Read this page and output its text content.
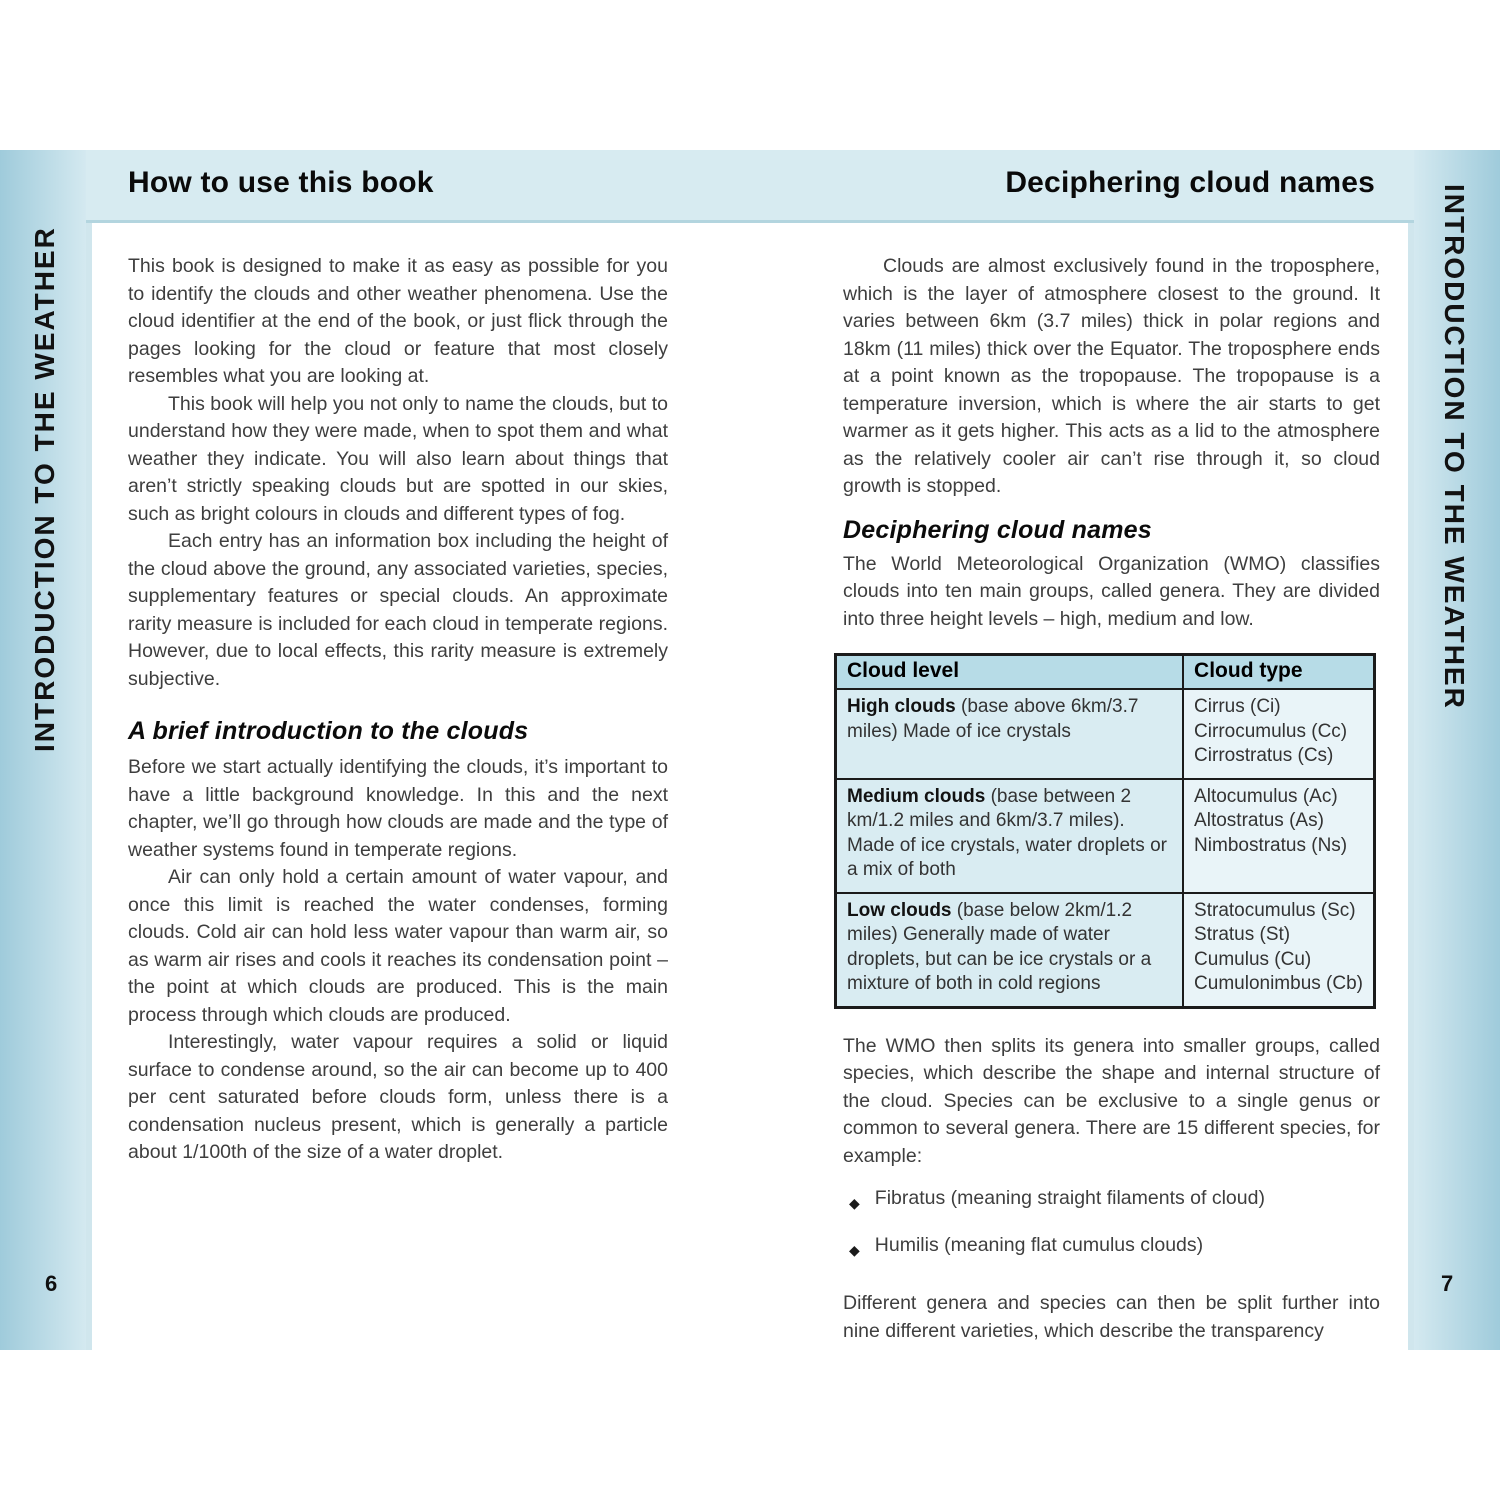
How to use this book	Deciphering cloud names
INTRODUCTION TO THE WEATHER	INTRODUCTION TO THE WEATHER
6	7

This book is designed to make it as easy as possible for you to identify the clouds and other weather phenomena. Use the cloud identifier at the end of the book, or just flick through the pages looking for the cloud or feature that most closely resembles what you are looking at.

This book will help you not only to name the clouds, but to understand how they were made, when to spot them and what weather they indicate. You will also learn about things that aren’t strictly speaking clouds but are spotted in our skies, such as bright colours in clouds and different types of fog.

Each entry has an information box including the height of the cloud above the ground, any associated varieties, species, supplementary features or special clouds. An approximate rarity measure is included for each cloud in temperate regions. However, due to local effects, this rarity measure is extremely subjective.

A brief introduction to the clouds

Before we start actually identifying the clouds, it’s important to have a little background knowledge. In this and the next chapter, we’ll go through how clouds are made and the type of weather systems found in temperate regions.

Air can only hold a certain amount of water vapour, and once this limit is reached the water condenses, forming clouds. Cold air can hold less water vapour than warm air, so as warm air rises and cools it reaches its condensation point – the point at which clouds are produced. This is the main process through which clouds are produced.

Interestingly, water vapour requires a solid or liquid surface to condense around, so the air can become up to 400 per cent saturated before clouds form, unless there is a condensation nucleus present, which is generally a particle about 1/100th of the size of a water droplet.

Clouds are almost exclusively found in the troposphere, which is the layer of atmosphere closest to the ground. It varies between 6km (3.7 miles) thick in polar regions and 18km (11 miles) thick over the Equator. The troposphere ends at a point known as the tropopause. The tropopause is a temperature inversion, which is where the air starts to get warmer as it gets higher. This acts as a lid to the atmosphere as the relatively cooler air can’t rise through it, so cloud growth is stopped.

Deciphering cloud names

The World Meteorological Organization (WMO) classifies clouds into ten main groups, called genera. They are divided into three height levels – high, medium and low.

Cloud level	Cloud type
High clouds (base above 6km/3.7 miles) Made of ice crystals	Cirrus (Ci)
Cirrocumulus (Cc)
Cirrostratus (Cs)

Medium clouds (base between 2 km/1.2 miles and 6km/3.7 miles). Made of ice crystals, water droplets or a mix of both	Altocumulus (Ac)
Altostratus (As)
Nimbostratus (Ns)

Low clouds (base below 2km/1.2 miles) Generally made of water droplets, but can be ice crystals or a mixture of both in cold regions	Stratocumulus (Sc)
Stratus (St)
Cumulus (Cu)
Cumulonimbus (Cb)

The WMO then splits its genera into smaller groups, called species, which describe the shape and internal structure of the cloud. Species can be exclusive to a single genus or common to several genera. There are 15 different species, for example:

◆ Fibratus (meaning straight filaments of cloud)
◆ Humilis (meaning flat cumulus clouds)

Different genera and species can then be split further into nine different varieties, which describe the transparency
